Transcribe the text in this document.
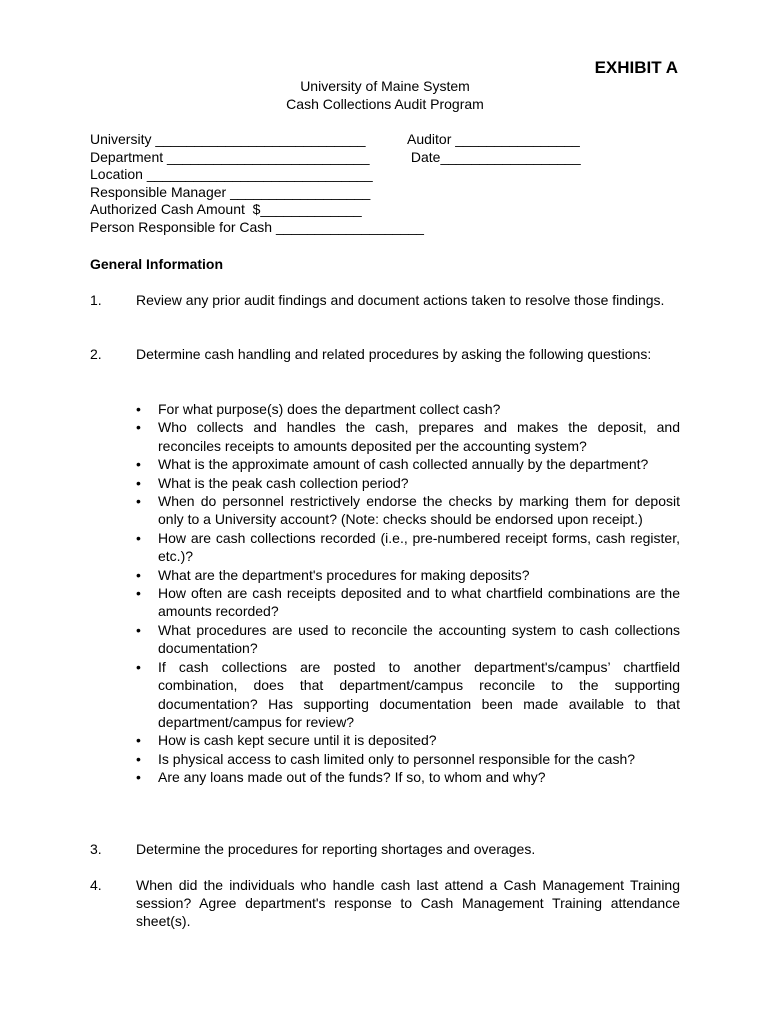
EXHIBIT A
University of Maine System
Cash Collections Audit Program
University ___________________________
Department __________________________
Location _____________________________
Responsible Manager __________________
Authorized Cash Amount  $_____________
Person Responsible for Cash ___________________
Auditor ________________
Date__________________
General Information
1. Review any prior audit findings and document actions taken to resolve those findings.
2. Determine cash handling and related procedures by asking the following questions:
• For what purpose(s) does the department collect cash?
• Who collects and handles the cash, prepares and makes the deposit, and reconciles receipts to amounts deposited per the accounting system?
• What is the approximate amount of cash collected annually by the department?
• What is the peak cash collection period?
• When do personnel restrictively endorse the checks by marking them for deposit only to a University account? (Note: checks should be endorsed upon receipt.)
• How are cash collections recorded (i.e., pre-numbered receipt forms, cash register, etc.)?
• What are the department's procedures for making deposits?
• How often are cash receipts deposited and to what chartfield combinations are the amounts recorded?
• What procedures are used to reconcile the accounting system to cash collections documentation?
• If cash collections are posted to another department's/campus’ chartfield combination, does that department/campus reconcile to the supporting documentation? Has supporting documentation been made available to that department/campus for review?
• How is cash kept secure until it is deposited?
• Is physical access to cash limited only to personnel responsible for the cash?
• Are any loans made out of the funds? If so, to whom and why?
3. Determine the procedures for reporting shortages and overages.
4. When did the individuals who handle cash last attend a Cash Management Training session? Agree department's response to Cash Management Training attendance sheet(s).
